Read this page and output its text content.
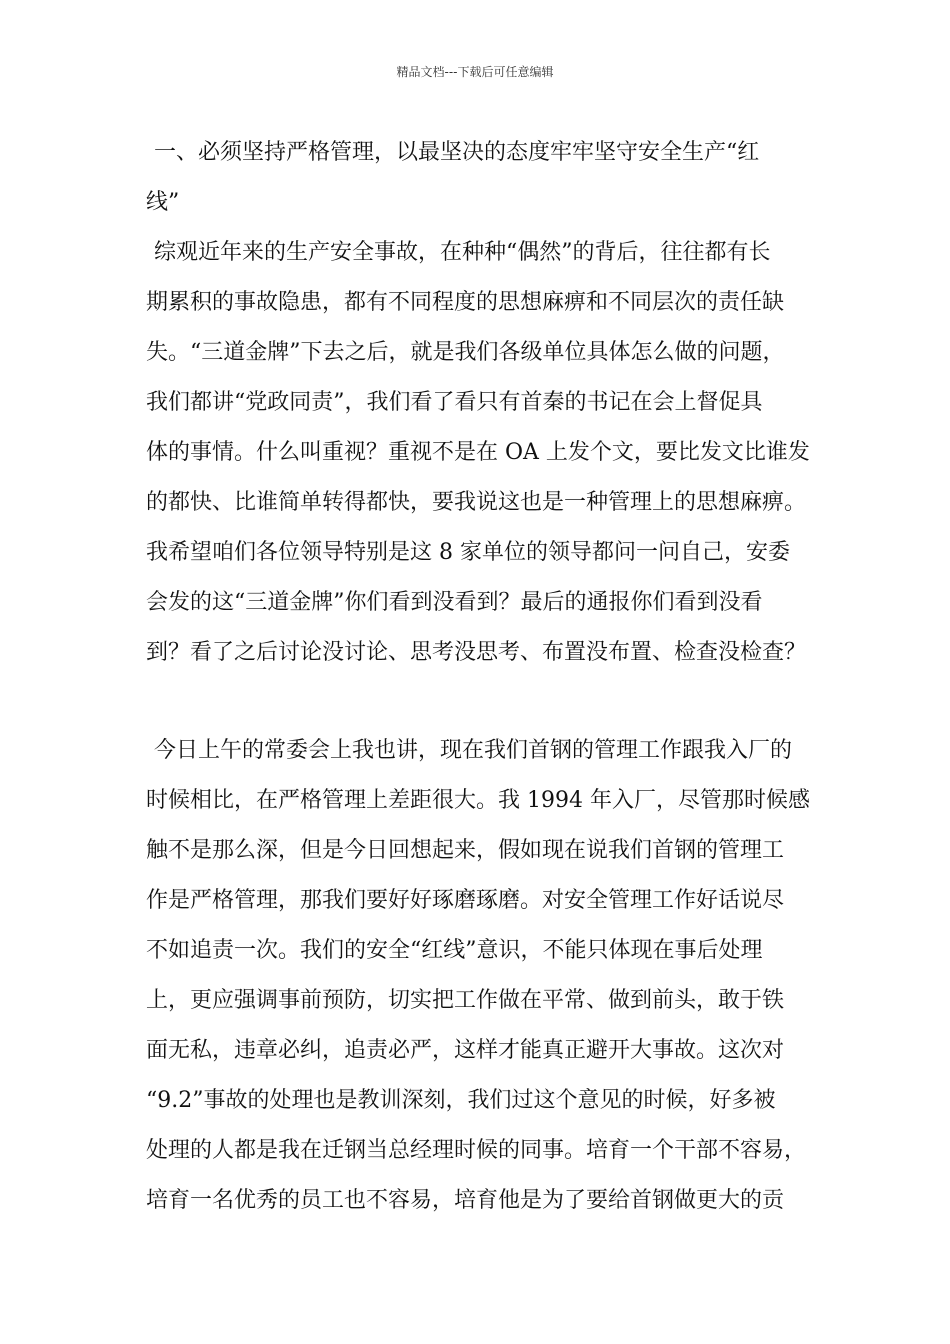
精品文档---下载后可任意编辑
一、必须坚持严格管理，以最坚决的态度牢牢坚守安全生产“红
线”
综观近年来的生产安全事故，在种种“偶然”的背后，往往都有长
期累积的事故隐患，都有不同程度的思想麻痹和不同层次的责任缺
失。“三道金牌”下去之后，就是我们各级单位具体怎么做的问题，
我们都讲“党政同责”，我们看了看只有首秦的书记在会上督促具
体的事情。什么叫重视？重视不是在 OA 上发个文，要比发文比谁发
的都快、比谁简单转得都快，要我说这也是一种管理上的思想麻痹。
我希望咱们各位领导特别是这 8 家单位的领导都问一问自己，安委
会发的这“三道金牌”你们看到没看到？最后的通报你们看到没看
到？看了之后讨论没讨论、思考没思考、布置没布置、检查没检查？
今日上午的常委会上我也讲，现在我们首钢的管理工作跟我入厂的
时候相比，在严格管理上差距很大。我 1994 年入厂，尽管那时候感
触不是那么深，但是今日回想起来，假如现在说我们首钢的管理工
作是严格管理，那我们要好好琢磨琢磨。对安全管理工作好话说尽
不如追责一次。我们的安全“红线”意识，不能只体现在事后处理
上，更应强调事前预防，切实把工作做在平常、做到前头，敢于铁
面无私，违章必纠，追责必严，这样才能真正避开大事故。这次对
“9.2”事故的处理也是教训深刻，我们过这个意见的时候，好多被
处理的人都是我在迁钢当总经理时候的同事。培育一个干部不容易，
培育一名优秀的员工也不容易，培育他是为了要给首钢做更大的贡
